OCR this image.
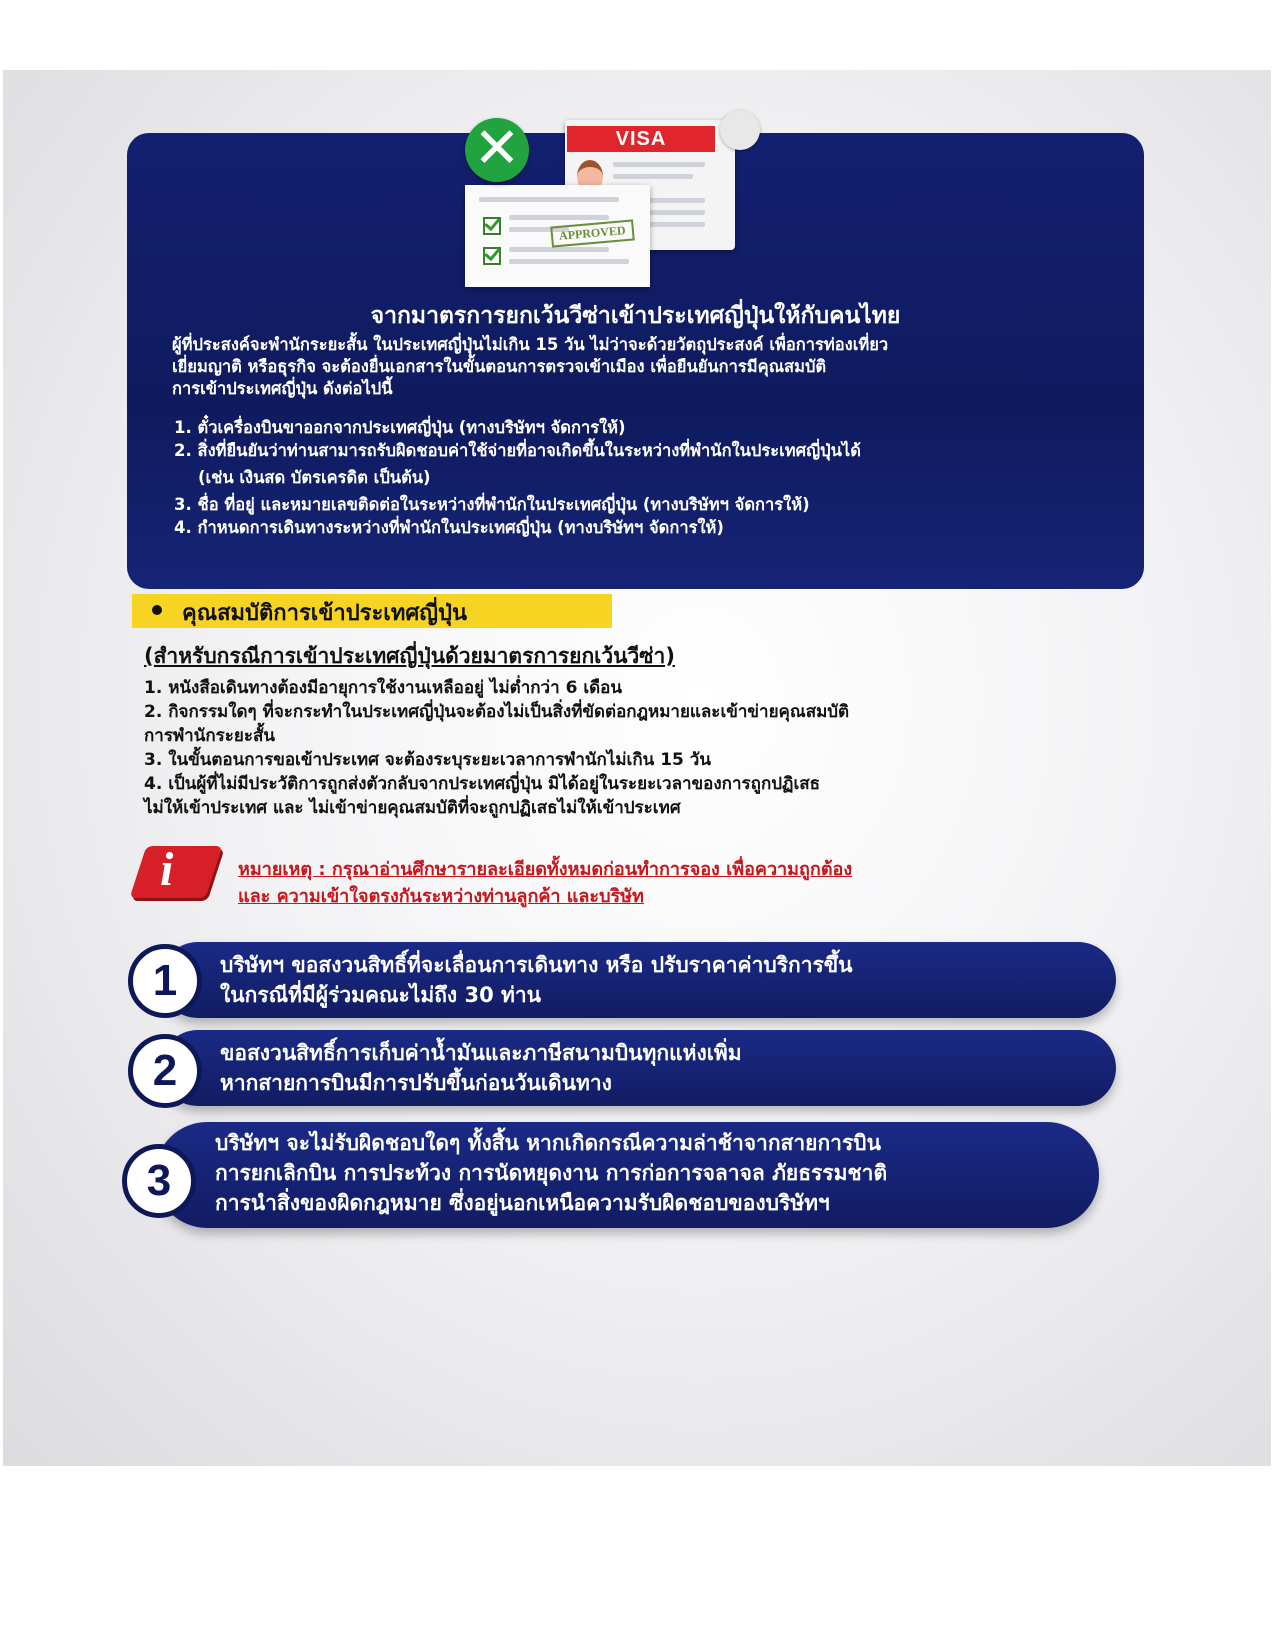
VISA
APPROVED
✕
จากมาตรการยกเว้นวีซ่าเข้าประเทศญี่ปุ่นให้กับคนไทย
ผู้ที่ประสงค์จะพำนักระยะสั้น ในประเทศญี่ปุ่นไม่เกิน 15 วัน ไม่ว่าจะด้วยวัตถุประสงค์ เพื่อการท่องเที่ยว
เยี่ยมญาติ หรือธุรกิจ จะต้องยื่นเอกสารในขั้นตอนการตรวจเข้าเมือง เพื่อยืนยันการมีคุณสมบัติ
การเข้าประเทศญี่ปุ่น ดังต่อไปนี้
1. ตั๋วเครื่องบินขาออกจากประเทศญี่ปุ่น (ทางบริษัทฯ จัดการให้)
2. สิ่งที่ยืนยันว่าท่านสามารถรับผิดชอบค่าใช้จ่ายที่อาจเกิดขึ้นในระหว่างที่พำนักในประเทศญี่ปุ่นได้
(เช่น เงินสด บัตรเครดิต เป็นต้น)
3. ชื่อ ที่อยู่ และหมายเลขติดต่อในระหว่างที่พำนักในประเทศญี่ปุ่น (ทางบริษัทฯ จัดการให้)
4. กำหนดการเดินทางระหว่างที่พำนักในประเทศญี่ปุ่น (ทางบริษัทฯ จัดการให้)
คุณสมบัติการเข้าประเทศญี่ปุ่น
(สำหรับกรณีการเข้าประเทศญี่ปุ่นด้วยมาตรการยกเว้นวีซ่า)
1. หนังสือเดินทางต้องมีอายุการใช้งานเหลืออยู่ ไม่ต่ำกว่า 6 เดือน
2. กิจกรรมใดๆ ที่จะกระทำในประเทศญี่ปุ่นจะต้องไม่เป็นสิ่งที่ขัดต่อกฎหมายและเข้าข่ายคุณสมบัติ
การพำนักระยะสั้น
3. ในขั้นตอนการขอเข้าประเทศ จะต้องระบุระยะเวลาการพำนักไม่เกิน 15 วัน
4. เป็นผู้ที่ไม่มีประวัติการถูกส่งตัวกลับจากประเทศญี่ปุ่น มิได้อยู่ในระยะเวลาของการถูกปฏิเสธ
ไม่ให้เข้าประเทศ และ ไม่เข้าข่ายคุณสมบัติที่จะถูกปฏิเสธไม่ให้เข้าประเทศ
i	หมายเหตุ : กรุณาอ่านศึกษารายละเอียดทั้งหมดก่อนทำการจอง เพื่อความถูกต้อง
และ ความเข้าใจตรงกันระหว่างท่านลูกค้า และบริษัท
บริษัทฯ ขอสงวนสิทธิ์ที่จะเลื่อนการเดินทาง หรือ ปรับราคาค่าบริการขึ้น
ในกรณีที่มีผู้ร่วมคณะไม่ถึง 30 ท่าน
1
ขอสงวนสิทธิ์การเก็บค่าน้ำมันและภาษีสนามบินทุกแห่งเพิ่ม
หากสายการบินมีการปรับขึ้นก่อนวันเดินทาง
2
บริษัทฯ จะไม่รับผิดชอบใดๆ ทั้งสิ้น หากเกิดกรณีความล่าช้าจากสายการบิน
การยกเลิกบิน การประท้วง การนัดหยุดงาน การก่อการจลาจล ภัยธรรมชาติ
การนำสิ่งของผิดกฎหมาย ซึ่งอยู่นอกเหนือความรับผิดชอบของบริษัทฯ
3
